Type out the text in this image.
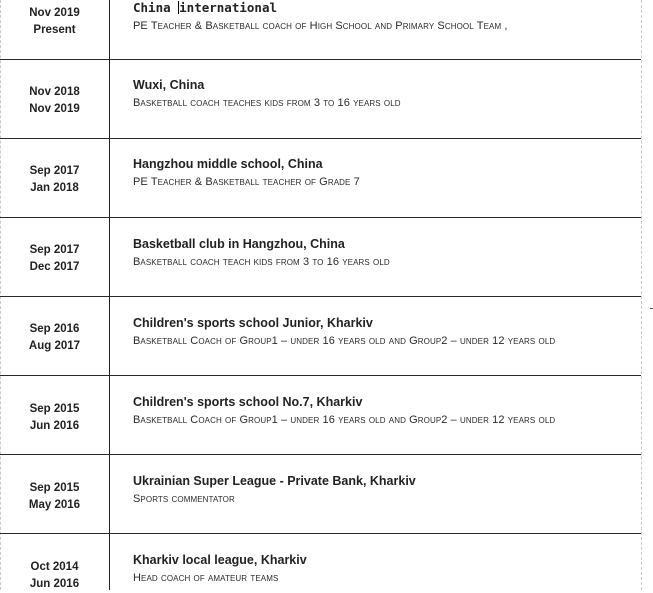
Nov 2019
Present
China international
PE Teacher & Basketball coach of High School and Primary School Team ,
Nov 2018
Nov 2019
Wuxi, China
Basketball coach teaches kids from 3 to 16 years old
Sep 2017
Jan 2018
Hangzhou middle school, China
PE Teacher & Basketball teacher of Grade 7
Sep 2017
Dec 2017
Basketball club in Hangzhou, China
Basketball coach teach kids from 3 to 16 years old
Sep 2016
Aug 2017
Children's sports school Junior, Kharkiv
Basketball Coach of Group1 – under 16 years old and Group2 – under 12 years old
Sep 2015
Jun 2016
Children's sports school No.7, Kharkiv
Basketball Coach of Group1 – under 16 years old and Group2 – under 12 years old
Sep 2015
May 2016
Ukrainian Super League - Private Bank, Kharkiv
Sports commentator
Oct 2014
Jun 2016
Kharkiv local league, Kharkiv
Head coach of amateur teams
